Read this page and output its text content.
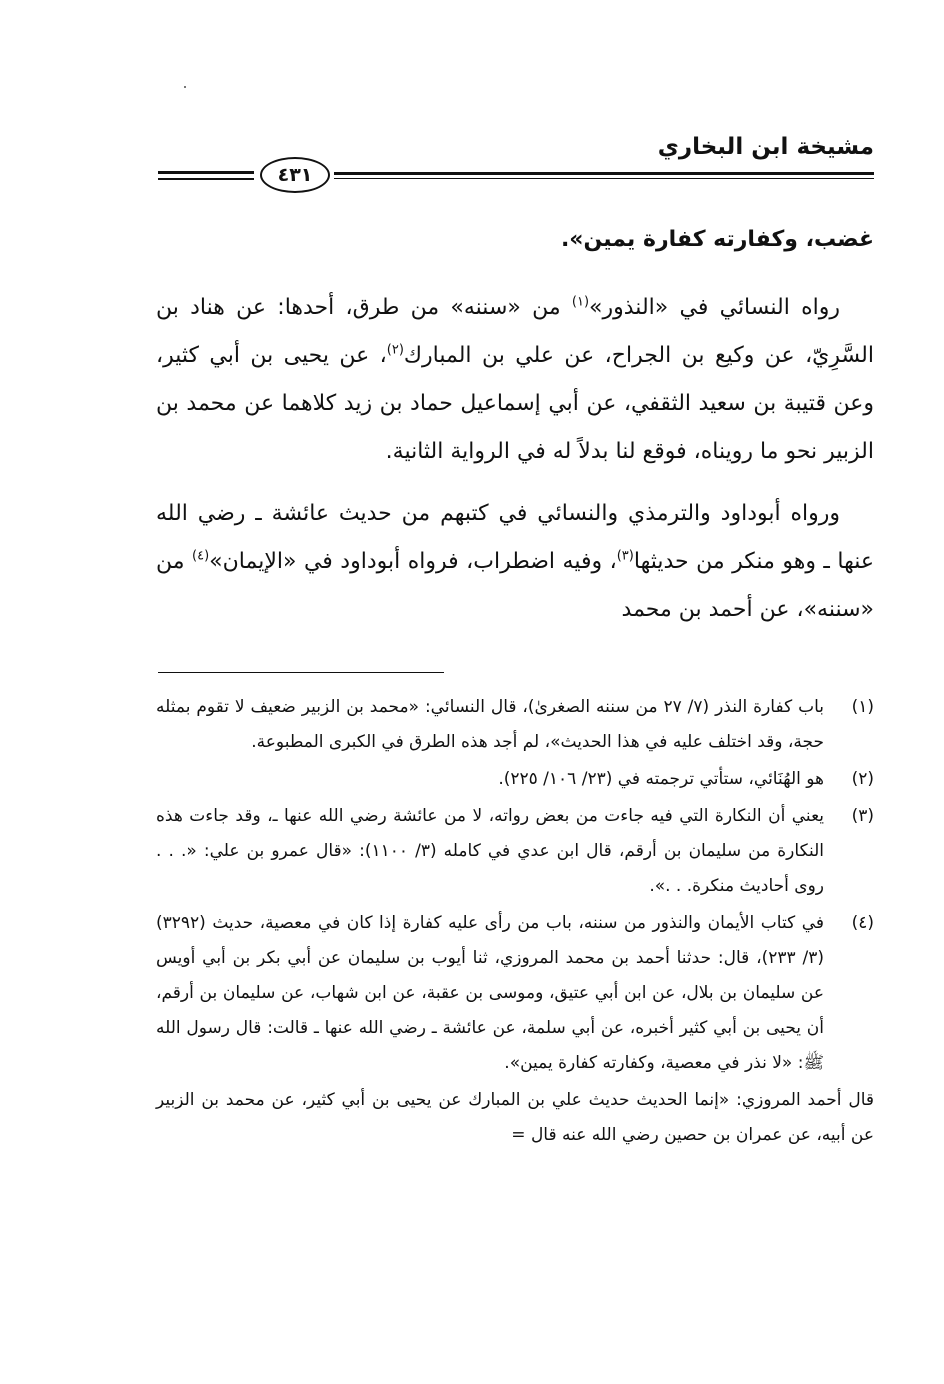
مشيخة ابن البخاري
٤٣١

غضب، وكفارته كفارة يمين».

رواه النسائي في «النذور»$^{(١)}$ من «سننه» من طرق، أحدها: عن هناد بن السَّرِيّ، عن وكيع بن الجراح، عن علي بن المبارك$^{(٢)}$، عن يحيى بن أبي كثير، وعن قتيبة بن سعيد الثقفي، عن أبي إسماعيل حماد بن زيد كلاهما عن محمد بن الزبير نحو ما رويناه، فوقع لنا بدلاً له في الرواية الثانية.

ورواه أبوداود والترمذي والنسائي في كتبهم من حديث عائشة ـ رضي الله عنها ـ وهو منكر من حديثها$^{(٣)}$، وفيه اضطراب، فرواه أبوداود في «الإيمان»$^{(٤)}$ من «سننه»، عن أحمد بن محمد

(١)
باب كفارة النذر (٧/ ٢٧ من سننه الصغرىٰ)، قال النسائي: «محمد بن الزبير ضعيف لا تقوم بمثله حجة، وقد اختلف عليه في هذا الحديث»، لم أجد هذه الطرق في الكبرى المطبوعة.
(٢)
هو الهُنَائي، ستأتي ترجمته في (٢٣/ ١٠٦/ ٢٢٥).
(٣)
يعني أن النكارة التي فيه جاءت من بعض رواته، لا من عائشة رضي الله عنها ـ، وقد جاءت هذه النكارة من سليمان بن أرقم، قال ابن عدي في كامله (٣/ ١١٠٠): «قال عمرو بن علي: «. . . روى أحاديث منكرة. . .».
(٤)
في كتاب الأيمان والنذور من سننه، باب من رأى عليه كفارة إذا كان في معصية، حديث (٣٢٩٢) (٣/ ٢٣٣)، قال: حدثنا أحمد بن محمد المروزي، ثنا أيوب بن سليمان عن أبي بكر بن أبي أويس عن سليمان بن بلال، عن ابن أبي عتيق، وموسى بن عقبة، عن ابن شهاب، عن سليمان بن أرقم، أن يحيى بن أبي كثير أخبره، عن أبي سلمة، عن عائشة ـ رضي الله عنها ـ قالت: قال رسول الله ﷺ: «لا نذر في معصية، وكفارته كفارة يمين».

قال أحمد المروزي: «إنما الحديث حديث علي بن المبارك عن يحيى بن أبي كثير، عن محمد بن الزبير عن أبيه، عن عمران بن حصين رضي الله عنه قال =
